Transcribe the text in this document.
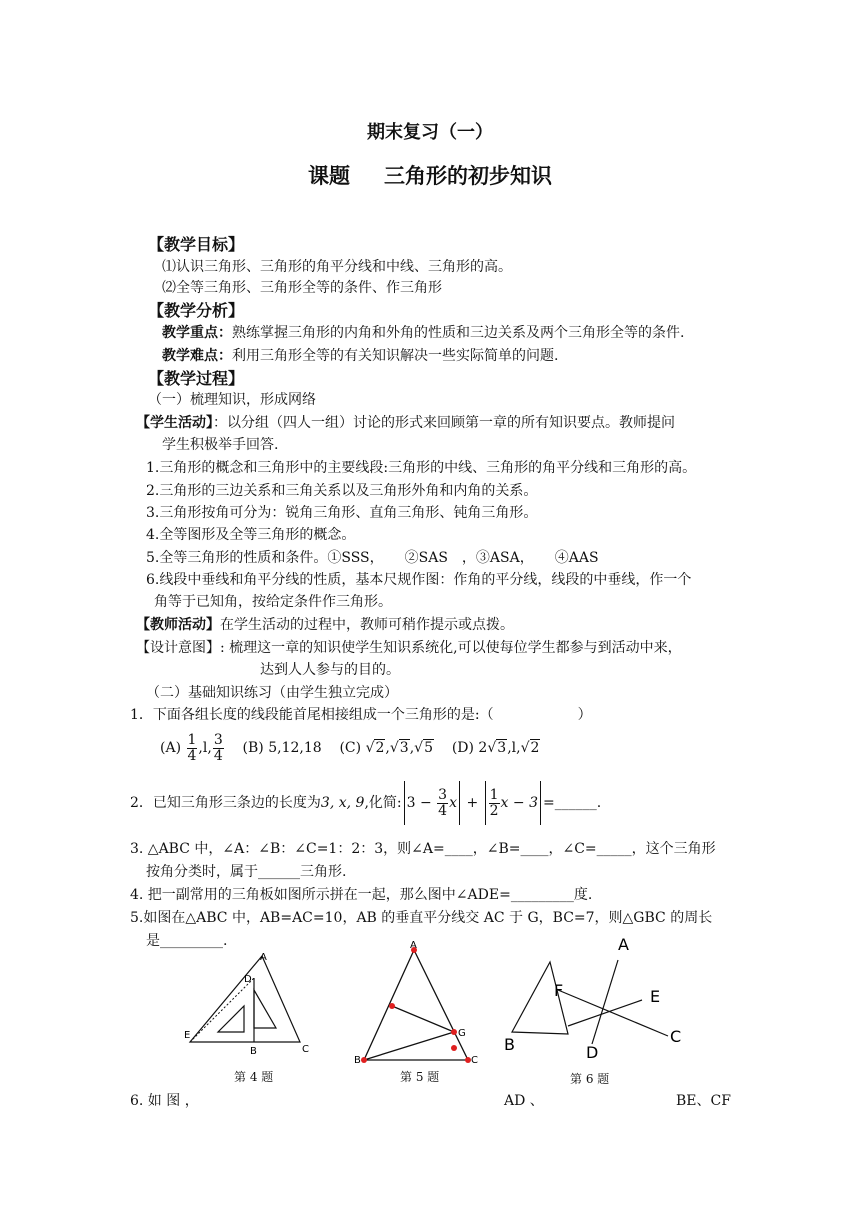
期末复习（一）
课题 三角形的初步知识
【教学目标】
⑴认识三角形、三角形的角平分线和中线、三角形的高。
⑵全等三角形、三角形全等的条件、作三角形
【教学分析】
教学重点：熟练掌握三角形的内角和外角的性质和三边关系及两个三角形全等的条件.
教学难点：利用三角形全等的有关知识解决一些实际简单的问题.
【教学过程】
（一）梳理知识，形成网络
【学生活动】：以分组（四人一组）讨论的形式来回顾第一章的所有知识要点。教师提问
学生积极举手回答.
1.三角形的概念和三角形中的主要线段:三角形的中线、三角形的角平分线和三角形的高。
2.三角形的三边关系和三角关系以及三角形外角和内角的关系。
3.三角形按角可分为：锐角三角形、直角三角形、钝角三角形。
4.全等图形及全等三角形的概念。
5.全等三角形的性质和条件。①SSS，　　②SAS　，③ASA，　　④AAS
6.线段中垂线和角平分线的性质，基本尺规作图：作角的平分线，线段的中垂线，作一个
角等于已知角，按给定条件作三角形。
【教师活动】在学生活动的过程中，教师可稍作提示或点拨。
【设计意图】: 梳理这一章的知识使学生知识系统化,可以使每位学生都参与到活动中来，
达到人人参与的目的。
（二）基础知识练习（由学生独立完成）
1．下面各组长度的线段能首尾相接组成一个三角形的是:（　　　　　　）
$(A) \frac{1}{4} ,l$, $\frac{3}{4} (B)$ 5,12,18 (C) √2,√3,√5 (D) 2√3,l,√2
2．已知三角形三条边的长度为3, x, 9,化简: $3 - \frac{3}{4}$ $x + \frac{1}{2}$ x − 3 =______.
3. △ABC 中，∠A：∠B：∠C=1：2：3，则∠A=____，∠B=____，∠C=_____，这个三角形
按角分类时，属于______三角形.
4. 把一副常用的三角板如图所示拼在一起，那么图中∠ADE=_________度.
5.如图在△ABC 中，AB=AC=10，AB 的垂直平分线交 AC 于 G，BC=7，则△GBC 的周长
是_________.
A
D
E
B	C
第 4 题
A
B	C
G
第 5 题
A
F	E
C
B	D
第 6 题
6. 如 图 ，	AD 、	BE、CF
